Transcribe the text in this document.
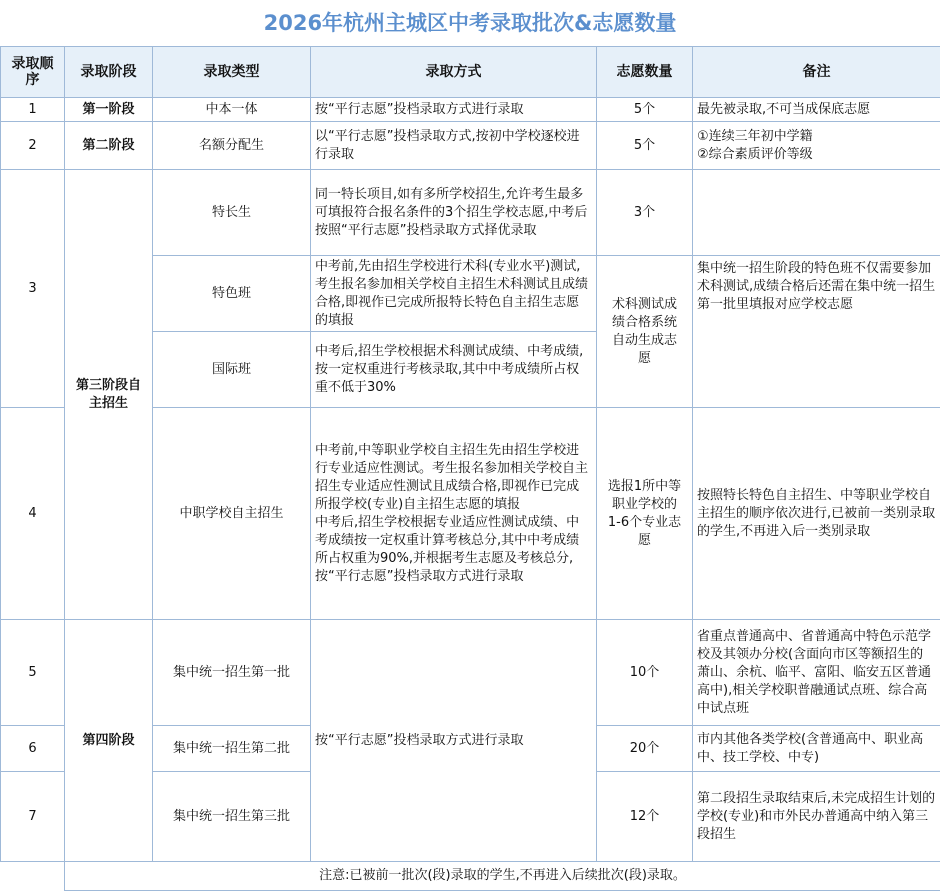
2026年杭州主城区中考录取批次&志愿数量
录取顺序	录取阶段	录取类型	录取方式	志愿数量	备注
1	第一阶段	中本一体	按“平行志愿”投档录取方式进行录取	5个	最先被录取,不可当成保底志愿
2	第二阶段	名额分配生	以“平行志愿”投档录取方式,按初中学校逐校进行录取	5个	①连续三年初中学籍
②综合素质评价等级

3	第三阶段自主招生	特长生	同一特长项目,如有多所学校招生,允许考生最多可填报符合报名条件的3个招生学校志愿,中考后按照“平行志愿”投档录取方式择优录取	3个	
		特色班	中考前,先由招生学校进行术科(专业水平)测试,考生报名参加相关学校自主招生术科测试且成绩合格,即视作已完成所报特长特色自主招生志愿的填报	术科测试成绩合格系统自动生成志愿	集中统一招生阶段的特色班不仅需要参加术科测试,成绩合格后还需在集中统一招生第一批里填报对应学校志愿
		国际班	中考后,招生学校根据术科测试成绩、中考成绩,按一定权重进行考核录取,其中中考成绩所占权重不低于30%		
4		中职学校自主招生	中考前,中等职业学校自主招生先由招生学校进行专业适应性测试。考生报名参加相关学校自主招生专业适应性测试且成绩合格,即视作已完成所报学校(专业)自主招生志愿的填报
中考后,招生学校根据专业适应性测试成绩、中考成绩按一定权重计算考核总分,其中中考成绩所占权重为90%,并根据考生志愿及考核总分,按“平行志愿”投档录取方式进行录取	选报1所中等职业学校的1-6个专业志愿	按照特长特色自主招生、中等职业学校自主招生的顺序依次进行,已被前一类别录取的学生,不再进入后一类别录取
5	第四阶段	集中统一招生第一批	按“平行志愿”投档录取方式进行录取	10个	省重点普通高中、省普通高中特色示范学校及其领办分校(含面向市区等额招生的萧山、余杭、临平、富阳、临安五区普通高中),相关学校职普融通试点班、综合高中试点班
6		集中统一招生第二批		20个	市内其他各类学校(含普通高中、职业高中、技工学校、中专)
7		集中统一招生第三批		12个	第二段招生录取结束后,未完成招生计划的学校(专业)和市外民办普通高中纳入第三段招生
	注意:已被前一批次(段)录取的学生,不再进入后续批次(段)录取。				
